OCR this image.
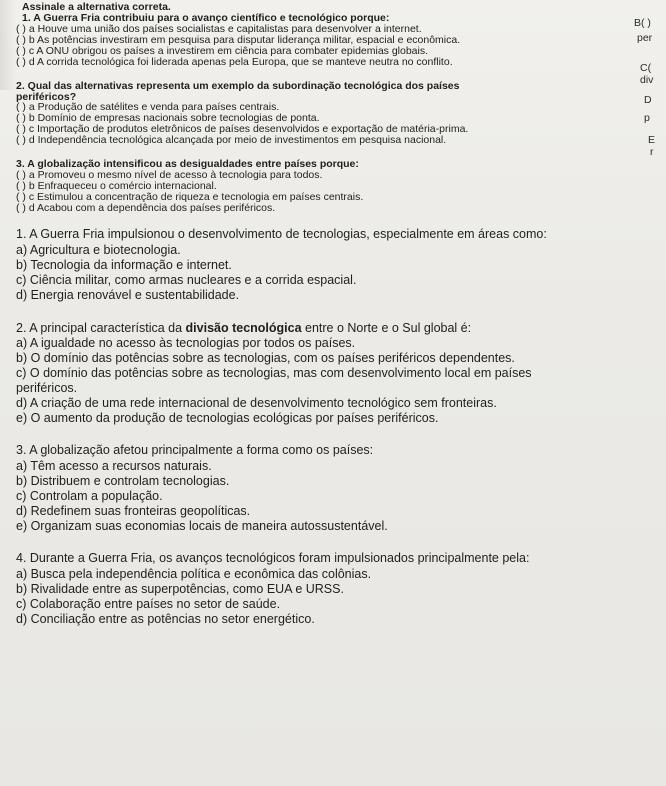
Assinale a alternativa correta.
1. A Guerra Fria contribuiu para o avanço científico e tecnológico porque:
( ) a Houve uma união dos países socialistas e capitalistas para desenvolver a internet.
( ) b As potências investiram em pesquisa para disputar liderança militar, espacial e econômica.
( ) c A ONU obrigou os países a investirem em ciência para combater epidemias globais.
( ) d A corrida tecnológica foi liderada apenas pela Europa, que se manteve neutra no conflito.
2. Qual das alternativas representa um exemplo da subordinação tecnológica dos países
periféricos?
( ) a Produção de satélites e venda para países centrais.
( ) b Domínio de empresas nacionais sobre tecnologias de ponta.
( ) c Importação de produtos eletrônicos de países desenvolvidos e exportação de matéria-prima.
( ) d Independência tecnológica alcançada por meio de investimentos em pesquisa nacional.
3. A globalização intensificou as desigualdades entre países porque:
( ) a Promoveu o mesmo nível de acesso à tecnologia para todos.
( ) b Enfraqueceu o comércio internacional.
( ) c Estimulou a concentração de riqueza e tecnologia em países centrais.
( ) d Acabou com a dependência dos países periféricos.
B( )
per
C(
div
D
p
E
r
1. A Guerra Fria impulsionou o desenvolvimento de tecnologias, especialmente em áreas como:
a) Agricultura e biotecnologia.
b) Tecnologia da informação e internet.
c) Ciência militar, como armas nucleares e a corrida espacial.
d) Energia renovável e sustentabilidade.
2. A principal característica da divisão tecnológica entre o Norte e o Sul global é:
a) A igualdade no acesso às tecnologias por todos os países.
b) O domínio das potências sobre as tecnologias, com os países periféricos dependentes.
c) O domínio das potências sobre as tecnologias, mas com desenvolvimento local em países
periféricos.
d) A criação de uma rede internacional de desenvolvimento tecnológico sem fronteiras.
e) O aumento da produção de tecnologias ecológicas por países periféricos.
3. A globalização afetou principalmente a forma como os países:
a) Têm acesso a recursos naturais.
b) Distribuem e controlam tecnologias.
c) Controlam a população.
d) Redefinem suas fronteiras geopolíticas.
e) Organizam suas economias locais de maneira autossustentável.
4. Durante a Guerra Fria, os avanços tecnológicos foram impulsionados principalmente pela:
a) Busca pela independência política e econômica das colônias.
b) Rivalidade entre as superpotências, como EUA e URSS.
c) Colaboração entre países no setor de saúde.
d) Conciliação entre as potências no setor energético.
